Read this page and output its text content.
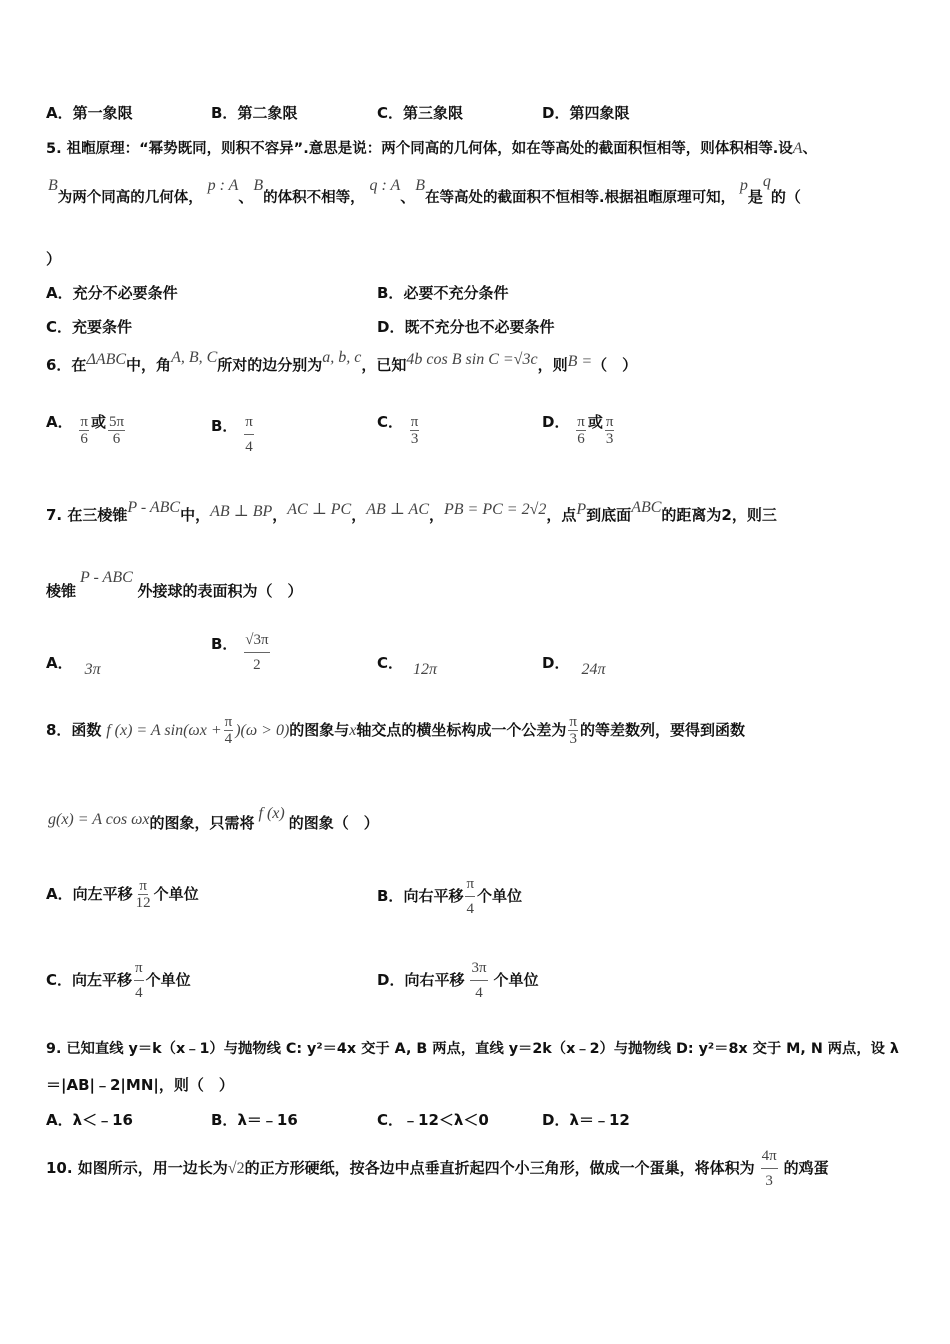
A．第一象限	B．第二象限	C．第三象限	D．第四象限
5. 祖暅原理：“幂势既同，则积不容异”.意思是说：两个同高的几何体，如在等高处的截面积恒相等，则体积相等.设A、
B为两个同高的几何体， p : A、B的体积不相等， q : A、B在等高处的截面积不恒相等.根据祖暅原理可知， p是q的（
）
A．充分不必要条件	B．必要不充分条件
C．充要条件	D．既不充分也不必要条件
6．在ΔABC中，角A, B, C所对的边分别为a, b, c，已知4b cos B sin C =√3c，则B =（　）
A． $\frac{\pi}{6}$ 或 $\frac{5\pi}{6}$	B． $\frac{\pi}{4}$	C． $\frac{\pi}{3}$	D． $\frac{\pi}{6}$ 或 $\frac{\pi}{3}$
7. 在三棱锥P - ABC中，AB ⊥ BP，AC ⊥ PC，AB ⊥ AC，PB = PC = 2√2，点P到底面ABC的距离为2，则三
棱锥P - ABC 外接球的表面积为（　）
A． 3π
B． $\frac{√3\pi}{2}$	C． 12π	D． 24π
8．函数 f (x) = A $\sin(\omega x + \frac{\pi}{4} )(\omega > 0)$的图象与x轴交点的横坐标构成一个公差为 $\frac{\pi}{3}$ 的等差数列，要得到函数
g(x) = A cos ωx的图象，只需将f (x)的图象（　）
A．向左平移 $\frac{\pi}{12}$ 个单位	B．向右平移 $\frac{\pi}{4}$ 个单位
C．向左平移 $\frac{\pi}{4}$ 个单位	D．向右平移 $\frac{3\pi}{4}$ 个单位
9. 已知直线 y＝k（x﹣1）与抛物线 C: y²＝4x 交于 A, B 两点，直线 y＝2k（x﹣2）与抛物线 D: y²＝8x 交于 M, N 两点，设 λ
＝|AB|﹣2|MN|，则（　）
A．λ＜﹣16	B．λ＝﹣16	C．﹣12＜λ＜0	D．λ＝﹣12
10. 如图所示，用一边长为√2的正方形硬纸，按各边中点垂直折起四个小三角形，做成一个蛋巢，将体积为 $\frac{4\pi}{3}$ 的鸡蛋
